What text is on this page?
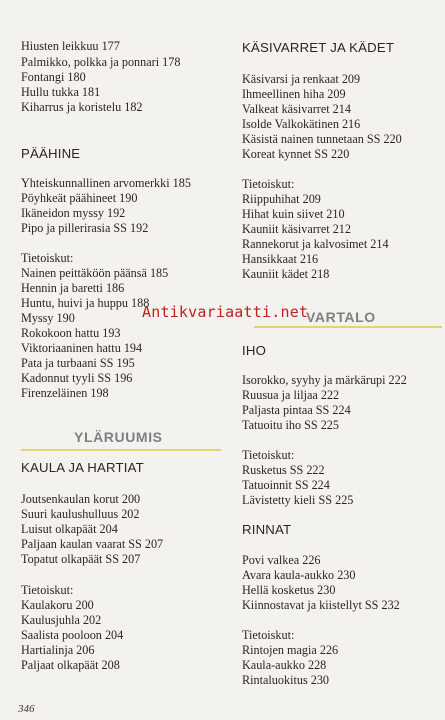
Hiusten leikkuu 177
Palmikko, polkka ja ponnari 178
Fontangi 180
Hullu tukka 181
Kiharrus ja koristelu 182
PÄÄHINE
Yhteiskunnallinen arvomerkki 185
Pöyhkeät päähineet 190
Ikäneidon myssy 192
Pipo ja pillerirasia SS 192
Tietoiskut:
Nainen peittäköön päänsä 185
Hennin ja baretti 186
Huntu, huivi ja huppu 188
Myssy 190
Rokokoon hattu 193
Viktoriaaninen hattu 194
Pata ja turbaani SS 195
Kadonnut tyyli SS 196
Firenzeläinen 198
YLÄRUUMIS
KAULA JA HARTIAT
Joutsenkaulan korut 200
Suuri kaulushulluus 202
Luisut olkapäät 204
Paljaan kaulan vaarat SS 207
Topatut olkapäät SS 207
Tietoiskut:
Kaulakoru 200
Kaulusjuhla 202
Saalista pooloon 204
Hartialinja 206
Paljaat olkapäät 208
KÄSIVARRET JA KÄDET
Käsivarsi ja renkaat 209
Ihmeellinen hiha 209
Valkeat käsivarret 214
Isolde Valkokätinen 216
Käsistä nainen tunnetaan SS 220
Koreat kynnet SS 220
Tietoiskut:
Riippuhihat 209
Hihat kuin siivet 210
Kauniit käsivarret 212
Rannekorut ja kalvosimet 214
Hansikkaat 216
Kauniit kädet 218
VARTALO
IHO
Isorokko, syyhy ja märkärupi 222
Ruusua ja liljaa 222
Paljasta pintaa SS 224
Tatuoitu iho SS 225
Tietoiskut:
Rusketus SS 222
Tatuoinnit SS 224
Lävistetty kieli SS 225
RINNAT
Povi valkea 226
Avara kaula-aukko 230
Hellä kosketus 230
Kiinnostavat ja kiistellyt SS 232
Tietoiskut:
Rintojen magia 226
Kaula-aukko 228
Rintaluokitus 230
Antikvariaatti.net
346
